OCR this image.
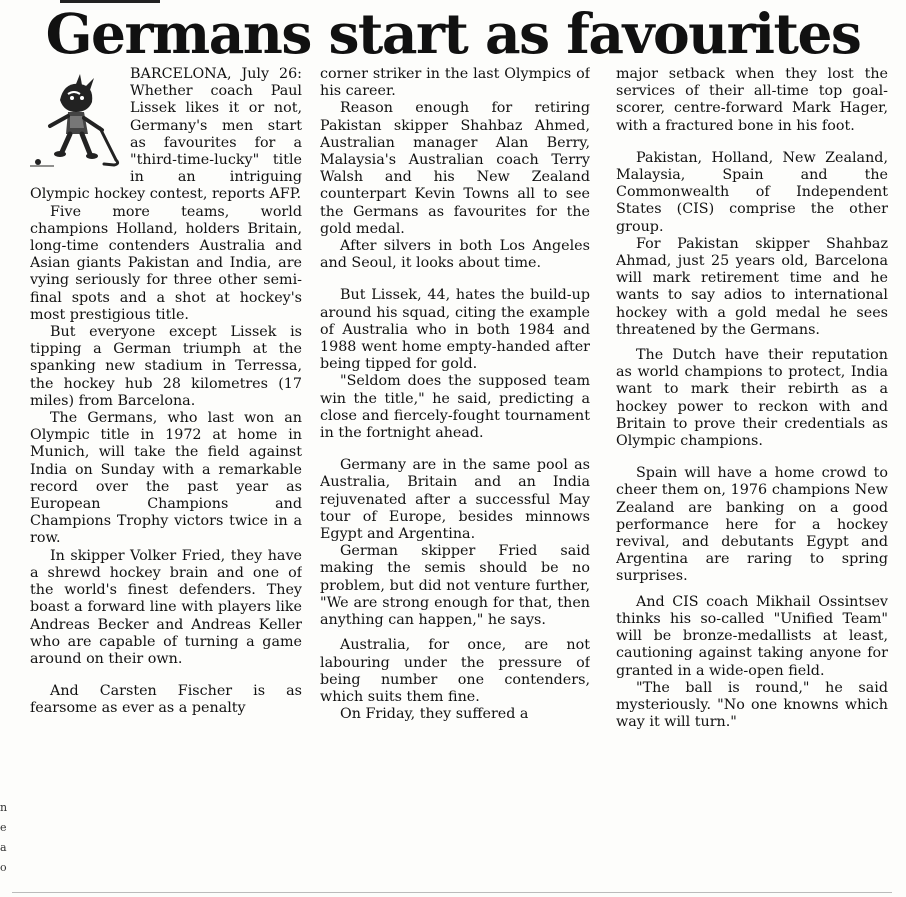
Germans start as favourites
n
e
a
o

BARCELONA, July 26: Whether coach Paul Lissek likes it or not, Germany's men start as favourites for a "third-time-lucky" title in an intriguing Olympic hockey contest, reports AFP.

Five more teams, world champions Holland, holders Britain, long-time contenders Australia and Asian giants Pakistan and India, are vying seriously for three other semi-final spots and a shot at hockey's most prestigious title.

But everyone except Lissek is tipping a German triumph at the spanking new stadium in Terressa, the hockey hub 28 kilometres (17 miles) from Barcelona.

The Germans, who last won an Olympic title in 1972 at home in Munich, will take the field against India on Sunday with a remarkable record over the past year as European Champions and Champions Trophy victors twice in a row.

In skipper Volker Fried, they have a shrewd hockey brain and one of the world's finest defenders. They boast a forward line with players like Andreas Becker and Andreas Keller who are capable of turning a game around on their own.

And Carsten Fischer is as fearsome as ever as a penalty

corner striker in the last Olympics of his career.

Reason enough for retiring Pakistan skipper Shahbaz Ahmed, Australian manager Alan Berry, Malaysia's Australian coach Terry Walsh and his New Zealand counterpart Kevin Towns all to see the Germans as favourites for the gold medal.

After silvers in both Los Angeles and Seoul, it looks about time.

But Lissek, 44, hates the build-up around his squad, citing the example of Australia who in both 1984 and 1988 went home empty-handed after being tipped for gold.

"Seldom does the supposed team win the title," he said, predicting a close and fiercely-fought tournament in the fortnight ahead.

Germany are in the same pool as Australia, Britain and an India rejuvenated after a successful May tour of Europe, besides minnows Egypt and Argentina.

German skipper Fried said making the semis should be no problem, but did not venture further, "We are strong enough for that, then anything can happen," he says.

Australia, for once, are not labouring under the pressure of being number one contenders, which suits them fine.

On Friday, they suffered a

major setback when they lost the services of their all-time top goal-scorer, centre-forward Mark Hager, with a fractured bone in his foot.

Pakistan, Holland, New Zealand, Malaysia, Spain and the Commonwealth of Independent States (CIS) comprise the other group.

For Pakistan skipper Shahbaz Ahmad, just 25 years old, Barcelona will mark retirement time and he wants to say adios to international hockey with a gold medal he sees threatened by the Germans.

The Dutch have their reputation as world champions to protect, India want to mark their rebirth as a hockey power to reckon with and Britain to prove their credentials as Olympic champions.

Spain will have a home crowd to cheer them on, 1976 champions New Zealand are banking on a good performance here for a hockey revival, and debutants Egypt and Argentina are raring to spring surprises.

And CIS coach Mikhail Ossintsev thinks his so-called "Unified Team" will be bronze-medallists at least, cautioning against taking anyone for granted in a wide-open field.

"The ball is round," he said mysteriously. "No one knowns which way it will turn."
